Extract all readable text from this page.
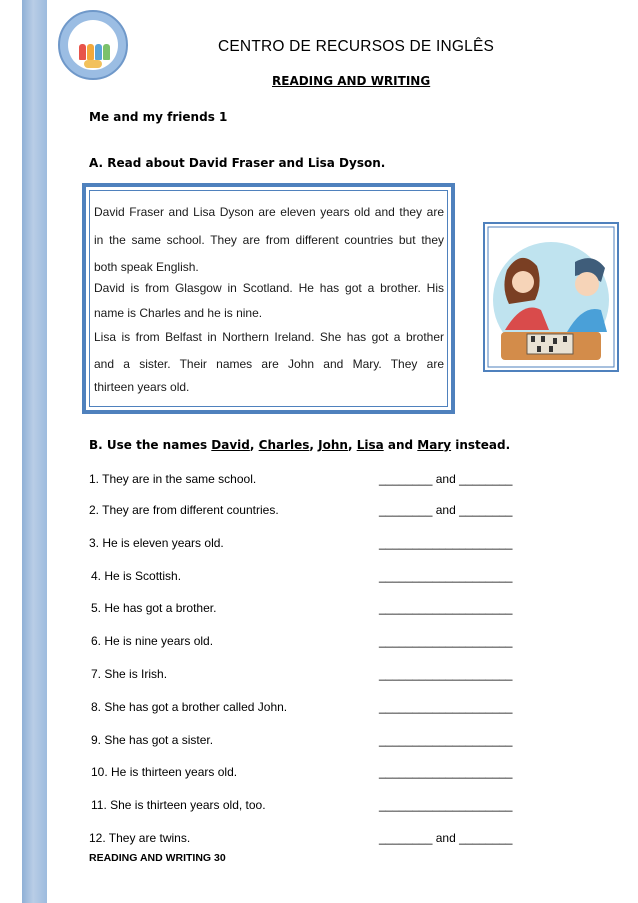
CENTRO DE RECURSOS DE INGLÊS
READING AND WRITING
Me and my friends 1
A. Read about David Fraser and Lisa Dyson.
David Fraser and Lisa Dyson are eleven years old and they are
in the same school. They are from different countries but they
both speak English.
David is from Glasgow in Scotland. He has got a brother. His
name is Charles and he is nine.
Lisa is from Belfast in Northern Ireland. She has got a brother
and a sister. Their names are John and Mary. They are
thirteen years old.
B. Use the names David, Charles, John, Lisa and Mary instead.
1. They are in the same school.	________ and ________
2. They are from different countries.	________ and ________
3. He is eleven years old.	____________________
4. He is Scottish.	____________________
5. He has got a brother.	____________________
6. He is nine years old.	____________________
7. She is Irish.	____________________
8. She has got a brother called John.	____________________
9. She has got a sister.	____________________
10. He is thirteen years old.	____________________
11. She is thirteen years old, too.	____________________
12. They are twins.	________ and ________
READING AND WRITING 30
